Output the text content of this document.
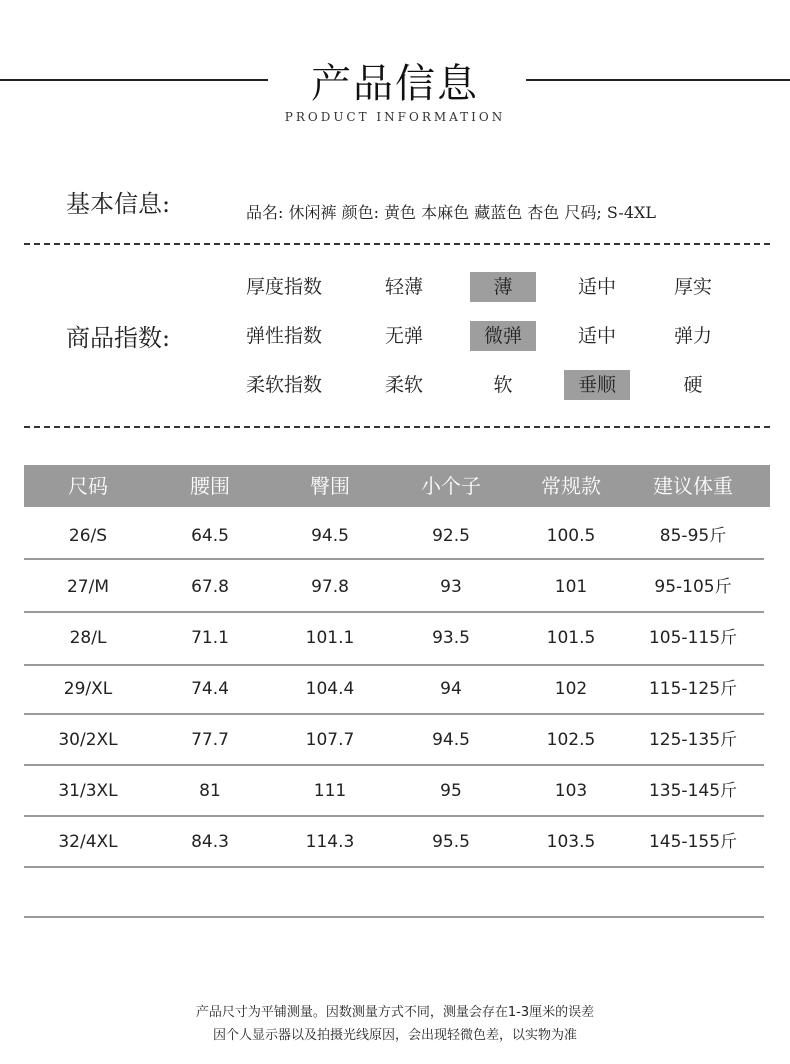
产品信息
PRODUCT INFORMATION
基本信息:	品名: 休闲裤 颜色: 黄色 本麻色 藏蓝色 杏色 尺码; S-4XL
商品指数:
厚度指数	轻薄	薄	适中	厚实
弹性指数	无弹	微弹	适中	弹力
柔软指数	柔软	软	垂顺	硬
尺码	腰围	臀围	小个子	常规款	建议体重
26/S	64.5	94.5	92.5	100.5	85-95斤
27/M	67.8	97.8	93	101	95-105斤
28/L	71.1	101.1	93.5	101.5	105-115斤
29/XL	74.4	104.4	94	102	115-125斤
30/2XL	77.7	107.7	94.5	102.5	125-135斤
31/3XL	81	111	95	103	135-145斤
32/4XL	84.3	114.3	95.5	103.5	145-155斤
产品尺寸为平铺测量。因数测量方式不同，测量会存在1-3厘米的误差
因个人显示器以及拍摄光线原因，会出现轻微色差，以实物为准
